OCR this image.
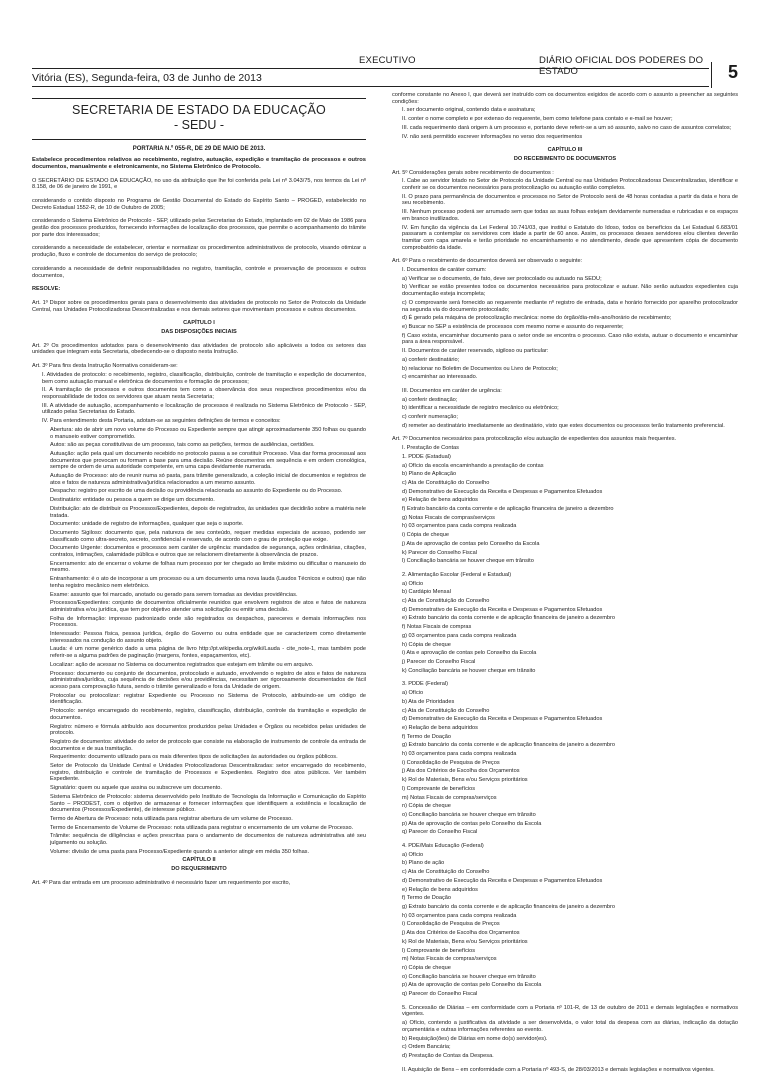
EXECUTIVO	DIÁRIO OFICIAL DOS PODERES DO ESTADO
Vitória (ES), Segunda-feira, 03 de Junho de 2013	5
SECRETARIA DE ESTADO DA EDUCAÇÃO
- SEDU -
PORTARIA N.º 055-R, DE 29 DE MAIO DE 2013.

Estabelece procedimentos relativos ao recebimento, registro, autuação, expedição e tramitação de processos e outros documentos, manualmente e eletronicamente, no Sistema Eletrônico de Protocolo.

O SECRETÁRIO DE ESTADO DA EDUCAÇÃO, no uso da atribuição que lhe foi conferida pela Lei nº 3.043/75, nos termos da Lei nº 8.158, de 06 de janeiro de 1991, e

considerando o contido disposto no Programa de Gestão Documental do Estado do Espírito Santo – PROGED, estabelecido no Decreto Estadual 1552-R, de 10 de Outubro de 2005;

considerando o Sistema Eletrônico de Protocolo - SEP, utilizado pelas Secretarias do Estado, implantado em 02 de Maio de 1986 para gestão dos processos produzidos, fornecendo informações de localização dos processos, que permite o acompanhamento do trâmite por parte dos interessados;

considerando a necessidade de estabelecer, orientar e normatizar os procedimentos administrativos de protocolo, visando otimizar a produção, fluxo e controle de documentos do serviço de protocolo;

considerando a necessidade de definir responsabilidades no registro, tramitação, controle e preservação de processos e outros documentos,

RESOLVE:

Art. 1º Dispor sobre os procedimentos gerais para o desenvolvimento das atividades de protocolo no Setor de Protocolo da Unidade Central, nas Unidades Protocolizadoras Descentralizadas e nos demais setores que movimentam processos e outros documentos.

CAPÍTULO I

DAS DISPOSIÇÕES INICIAIS

Art. 2º Os procedimentos adotados para o desenvolvimento das atividades de protocolo são aplicáveis a todos os setores das unidades que integram esta Secretaria, obedecendo-se o disposto nesta Instrução.

Art. 3º Para fins desta Instrução Normativa consideram-se:

I. Atividades de protocolo: o recebimento, registro, classificação, distribuição, controle de tramitação e expedição de documentos, bem como autuação manual e eletrônica de documentos e formação de processos;

II. A tramitação de processos e outros documentos tem como a observância dos seus respectivos procedimentos e/ou da responsabilidade de todos os servidores que atuam nesta Secretaria;

III. A atividade de autuação, acompanhamento e localização de processos é realizada no Sistema Eletrônico de Protocolo - SEP, utilizado pelas Secretarias do Estado.

IV. Para entendimento desta Portaria, adotam-se as seguintes definições de termos e conceitos:

Abertura: ato de abrir um novo volume do Processo ou Expediente sempre que atingir aproximadamente 350 folhas ou quando o manuseio estiver comprometido.

Autos: são as peças constitutivas de um processo, tais como as petições, termos de audiências, certidões.

Autuação: ação pela qual um documento recebido no protocolo passa a se constituir Processo. Visa dar forma processual aos documentos que provocam ou formam a base para uma decisão. Reúne documentos em sequência e em ordem cronológica, sempre de ordem de uma autoridade competente, em uma capa devidamente numerada.

Autuação de Processo: ato de reunir numa só pasta, para trâmite generalizado, a coleção inicial de documentos e registros de atos e fatos de natureza administrativa/jurídica relacionados a um mesmo assunto.

Despacho: registro por escrito de uma decisão ou providência relacionada ao assunto do Expediente ou do Processo.

Destinatário: entidade ou pessoa a quem se dirige um documento.

Distribuição: ato de distribuir os Processos/Expedientes, depois de registrados, às unidades que decidirão sobre a matéria nele tratada.

Documento: unidade de registro de informações, qualquer que seja o suporte.

Documento Sigiloso: documento que, pela natureza de seu conteúdo, requer medidas especiais de acesso, podendo ser classificado como ultra-secreto, secreto, confidencial e reservado, de acordo com o grau de proteção que exige.

Documento Urgente: documentos e processos sem caráter de urgência: mandados de segurança, ações ordinárias, citações, contratos, intimações, calamidade pública e outros que se relacionem diretamente à observância de prazos.

Encerramento: ato de encerrar o volume de folhas num processo por ter chegado ao limite máximo ou dificultar o manuseio do mesmo.

Entranhamento: é o ato de incorporar a um processo ou a um documento uma nova lauda (Laudos Técnicos e outros) que não tenha registro mecânico nem eletrônico.

Exame: assunto que foi marcado, anotado ou gerado para serem tomadas as devidas providências.

Processos/Expedientes: conjunto de documentos oficialmente reunidos que envolvem registros de atos e fatos de natureza administrativa e/ou jurídica, que tem por objetivo atender uma solicitação ou emitir uma decisão.

Folha de Informação: impresso padronizado onde são registrados os despachos, pareceres e demais informações nos Processos.

Interessado: Pessoa física, pessoa jurídica, órgão do Governo ou outra entidade que se caracterizem como diretamente interessados na condução do assunto objeto.

Lauda: é um nome genérico dado a uma página de livro http://pt.wikipedia.org/wiki/Lauda - cite_note-1, mas também pode referir-se a alguma padrões de paginação (margens, fontes, espaçamentos, etc).

Localizar: ação de acessar no Sistema os documentos registrados que estejam em trâmite ou em arquivo.

Processo: documento ou conjunto de documentos, protocolado e autuado, envolvendo o registro de atos e fatos de natureza administrativa/jurídica, cuja sequência de decisões e/ou providências, necessitam ser rigorosamente documentados de fácil acesso para comprovação futura, sendo o trâmite generalizado e fora da Unidade de origem.

Protocolar ou protocolizar: registrar Expediente ou Processo no Sistema de Protocolo, atribuindo-se um código de identificação.

Protocolo: serviço encarregado do recebimento, registro, classificação, distribuição, controle da tramitação e expedição de documentos.

Registro: número e fórmula atribuído aos documentos produzidos pelas Unidades e Órgãos ou recebidos pelas unidades de protocolo.

Registro de documentos: atividade do setor de protocolo que consiste na elaboração de instrumento de controle da entrada de documentos e de sua tramitação.

Requerimento: documento utilizado para os mais diferentes tipos de solicitações às autoridades ou órgãos públicos.

Setor de Protocolo da Unidade Central e Unidades Protocolizadoras Descentralizadas: setor encarregado do recebimento, registro, distribuição e controle de tramitação de Processos e Expedientes. Registro dos atos públicos. Ver também Expediente.

Signatário: quem ou aquele que assina ou subscreve um documento.

Sistema Eletrônico de Protocolo: sistema desenvolvido pelo Instituto de Tecnologia da Informação e Comunicação do Espírito Santo – PRODEST, com o objetivo de armazenar e fornecer informações que identifiquem a existência e localização de documentos (Processos/Expediente), de interesse público.

Termo de Abertura de Processo: nota utilizada para registrar abertura de um volume de Processo.

Termo de Encerramento de Volume de Processo: nota utilizada para registrar o encerramento de um volume de Processo.

Trâmite: sequência de diligências e ações prescritas para o andamento de documentos de natureza administrativa até seu julgamento ou solução.

Volume: divisão de uma pasta para Processo/Expediente quando a anterior atingir em média 350 folhas.

CAPÍTULO II

DO REQUERIMENTO

Art. 4º Para dar entrada em um processo administrativo é necessário fazer um requerimento por escrito,

conforme constante no Anexo I, que deverá ser instruído com os documentos exigidos de acordo com o assunto a preencher as seguintes condições:

I. ser documento original, contendo data e assinatura;

II. conter o nome completo e por extenso do requerente, bem como telefone para contato e e-mail se houver;

III. cada requerimento dará origem à um processo e, portanto deve referir-se a um só assunto, salvo no caso de assuntos correlatos;

IV. não será permitido escrever informações no verso dos requerimentos

CAPÍTULO III

DO RECEBIMENTO DE DOCUMENTOS

Art. 5º Considerações gerais sobre recebimento de documentos :

I. Cabe ao servidor lotado no Setor de Protocolo da Unidade Central ou nas Unidades Protocolizadoras Descentralizadas, identificar e conferir se os documentos necessários para protocolização ou autuação estão completos.

II. O prazo para permanência de documentos e processos no Setor de Protocolo será de 48 horas contadas a partir da data e hora de seu recebimento.

III. Nenhum processo poderá ser arrumado sem que todas as suas folhas estejam devidamente numeradas e rubricadas e os espaços em branco inutilizados.

IV. Em função da vigência da Lei Federal 10.741/03, que institui o Estatuto do Idoso, todos os benefícios da Lei Estadual 6.683/01 passaram a contemplar os servidores com idade a partir de 60 anos. Assim, os processos desses servidores e/ou clientes deverão tramitar com capa amarela e terão prioridade no encaminhamento e no atendimento, desde que apresentem cópia de documento comprobatório da idade.

Art. 6º Para o recebimento de documentos deverá ser observado o seguinte:

I. Documentos de caráter comum:

a) Verificar se o documento, de fato, deve ser protocolado ou autuado na SEDU;

b) Verificar se estão presentes todos os documentos necessários para protocolizar e autuar. Não serão autuados expedientes cuja documentação esteja incompleta;

c) O comprovante será fornecido ao requerente mediante nº registro de entrada, data e horário fornecido por aparelho protocolizador na segunda via do documento protocolado;

d) É gerado pela máquina de protocolização mecânica: nome do órgão/dia-mês-ano/horário de recebimento;

e) Buscar no SEP a existência de processos com mesmo nome e assunto do requerente;

f) Caso exista, encaminhar documento para o setor onde se encontra o processo. Caso não exista, autuar o documento e encaminhar para a área responsável.

II. Documentos de caráter reservado, sigiloso ou particular:

a) conferir destinatário;

b) relacionar no Boletim de Documentos ou Livro de Protocolo;

c) encaminhar ao interessado.

III. Documentos em caráter de urgência:

a) conferir destinação;

b) identificar a necessidade de registro mecânico ou eletrônico;

c) conferir numeração;

d) remeter ao destinatário imediatamente ao destinatário, visto que estes documentos ou processos terão tratamento preferencial.

Art. 7º Documentos necessários para protocolização e/ou autuação de expedientes dos assuntos mais frequentes.

I. Prestação de Contas

1. PDDE (Estadual)

a) Ofício da escola encaminhando a prestação de contas

b) Plano de Aplicação

c) Ata de Constituição do Conselho

d) Demonstrativo de Execução da Receita e Despesas e Pagamentos Efetuados

e) Relação de bens adquiridos

f) Extrato bancário da conta corrente e de aplicação financeira de janeiro a dezembro

g) Notas Fiscais de compras/serviços

h) 03 orçamentos para cada compra realizada

i) Cópia de cheque

j) Ata de aprovação de contas pelo Conselho da Escola

k) Parecer do Conselho Fiscal

l) Conciliação bancária se houver cheque em trânsito

2. Alimentação Escolar (Federal e Estadual)

a) Ofício

b) Cardápio Mensal

c) Ata de Constituição do Conselho

d) Demonstrativo de Execução da Receita e Despesas e Pagamentos Efetuados

e) Extrato bancário da conta corrente e de aplicação financeira de janeiro a dezembro

f) Notas Fiscais de compras

g) 03 orçamentos para cada compra realizada

h) Cópia de cheque

i) Ata e aprovação de contas pelo Conselho da Escola

j) Parecer do Conselho Fiscal

k) Conciliação bancária se houver cheque em trânsito

3. PDDE (Federal)

a) Ofício

b) Ata de Prioridades

c) Ata de Constituição do Conselho

d) Demonstrativo de Execução da Receita e Despesas e Pagamentos Efetuados

e) Relação de bens adquiridos

f) Termo de Doação

g) Extrato bancário da conta corrente e de aplicação financeira de janeiro a dezembro

h) 03 orçamentos para cada compra realizada

i) Consolidação de Pesquisa de Preços

j) Ata dos Critérios de Escolha dos Orçamentos

k) Rol de Materiais, Bens e/ou Serviços prioritários

l) Comprovante de benefícios

m) Notas Fiscais de compras/serviços

n) Cópia de cheque

o) Conciliação bancária se houver cheque em trânsito

p) Ata de aprovação de contas pelo Conselho da Escola

q) Parecer do Conselho Fiscal

4. PDE/Mais Educação (Federal)

a) Ofício

b) Plano de ação

c) Ata de Constituição do Conselho

d) Demonstrativo de Execução da Receita e Despesas e Pagamentos Efetuados

e) Relação de bens adquiridos

f) Termo de Doação

g) Extrato bancário da conta corrente e de aplicação financeira de janeiro a dezembro

h) 03 orçamentos para cada compra realizada

i) Consolidação de Pesquisa de Preços

j) Ata dos Critérios de Escolha dos Orçamentos

k) Rol de Materiais, Bens e/ou Serviços prioritários

l) Comprovante de benefícios

m) Notas Fiscais de compras/serviços

n) Cópia de cheque

o) Conciliação bancária se houver cheque em trânsito

p) Ata de aprovação de contas pelo Conselho da Escola

q) Parecer do Conselho Fiscal

5. Concessão de Diárias – em conformidade com a Portaria nº 101-R, de 13 de outubro de 2011 e demais legislações e normativos vigentes.

a) Ofício, contendo a justificativa da atividade a ser desenvolvida, o valor total da despesa com as diárias, indicação da dotação orçamentária e outras informações referentes ao evento.

b) Requisição(ões) de Diárias em nome do(s) servidor(es).

c) Ordem Bancária;

d) Prestação de Contas da Despesa.

II. Aquisição de Bens – em conformidade com a Portaria nº 493-S, de 28/03/2013 e demais legislações e normativos vigentes.
